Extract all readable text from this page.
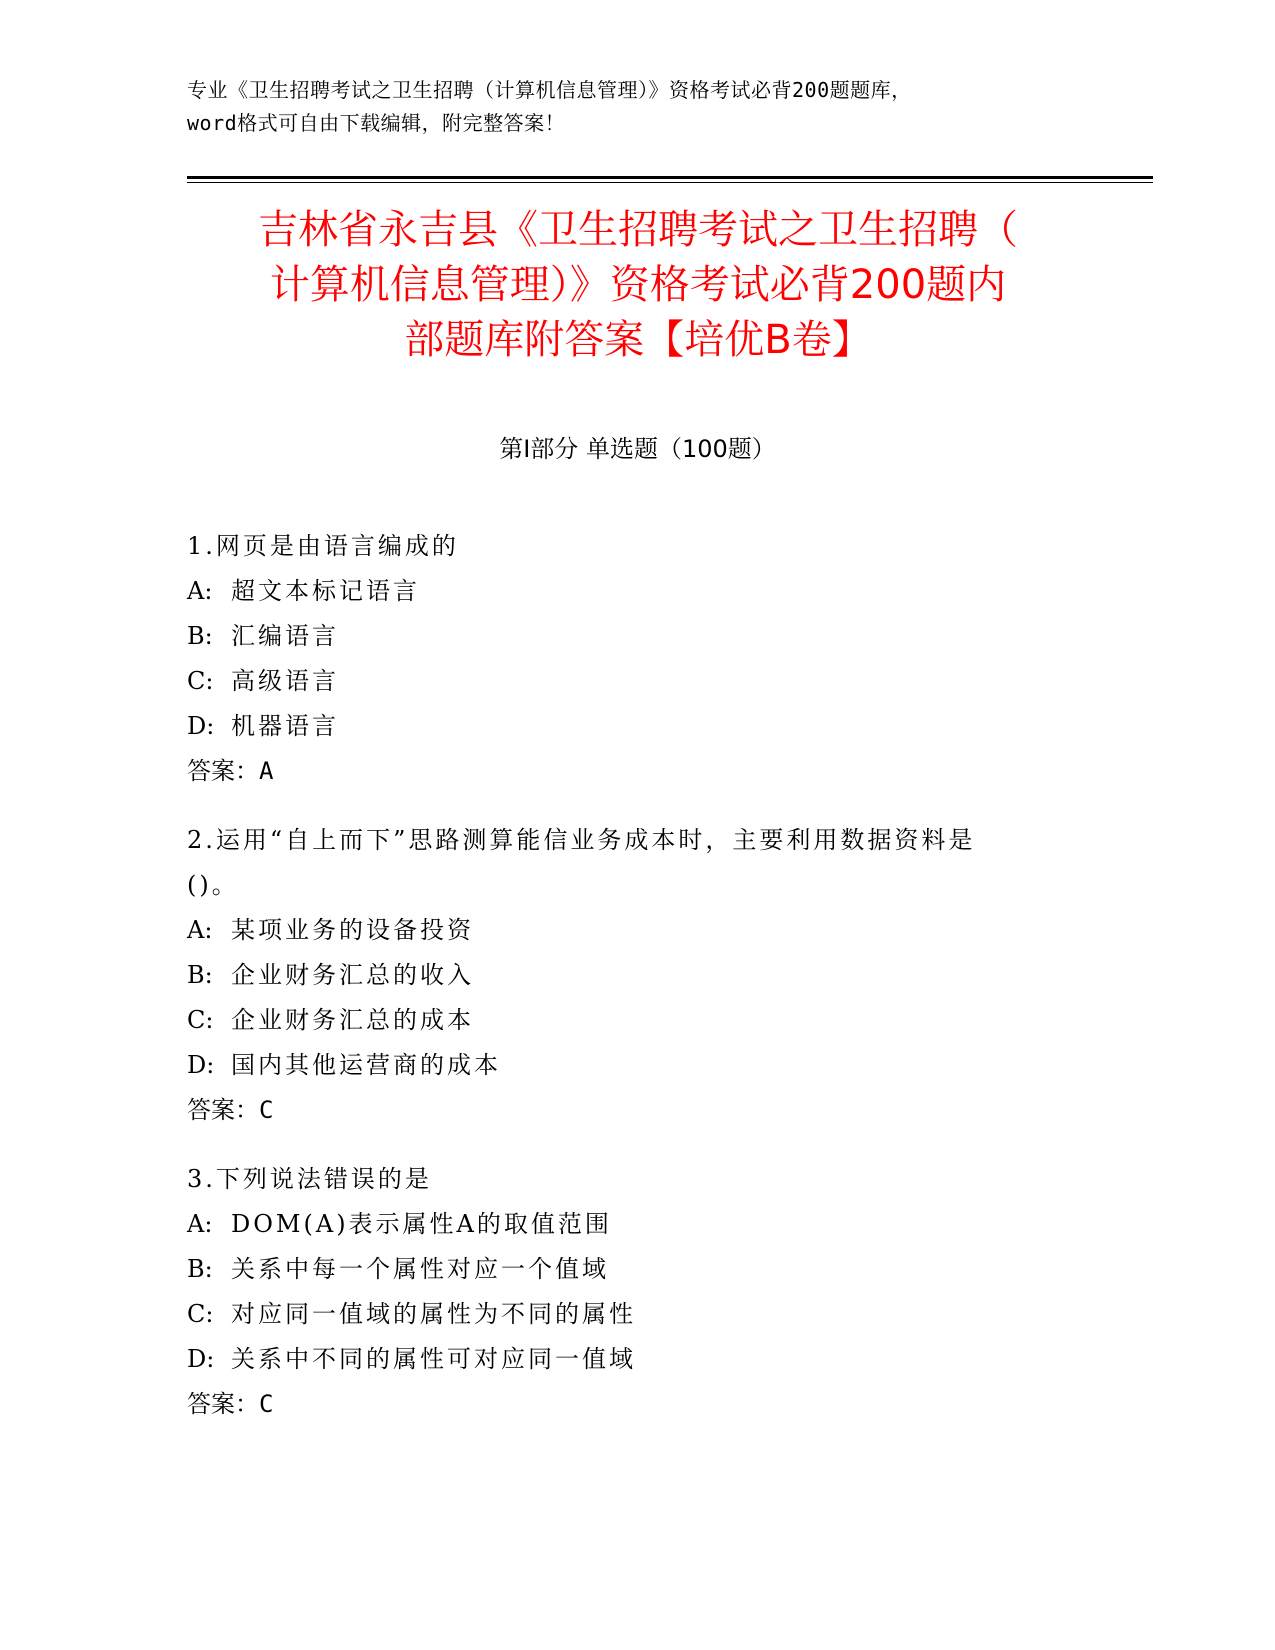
专业《卫生招聘考试之卫生招聘（计算机信息管理）》资格考试必背200题题库，
word格式可自由下载编辑，附完整答案！
吉林省永吉县《卫生招聘考试之卫生招聘（
计算机信息管理）》资格考试必背200题内
部题库附答案【培优B卷】
第Ⅰ部分 单选题（100题）
1.网页是由语言编成的
A: 超文本标记语言
B: 汇编语言
C: 高级语言
D: 机器语言
答案：A
2.运用“自上而下”思路测算能信业务成本时，主要利用数据资料是
()。
A: 某项业务的设备投资
B: 企业财务汇总的收入
C: 企业财务汇总的成本
D: 国内其他运营商的成本
答案：C
3.下列说法错误的是
A: DOM(A)表示属性A的取值范围
B: 关系中每一个属性对应一个值域
C: 对应同一值域的属性为不同的属性
D: 关系中不同的属性可对应同一值域
答案：C
